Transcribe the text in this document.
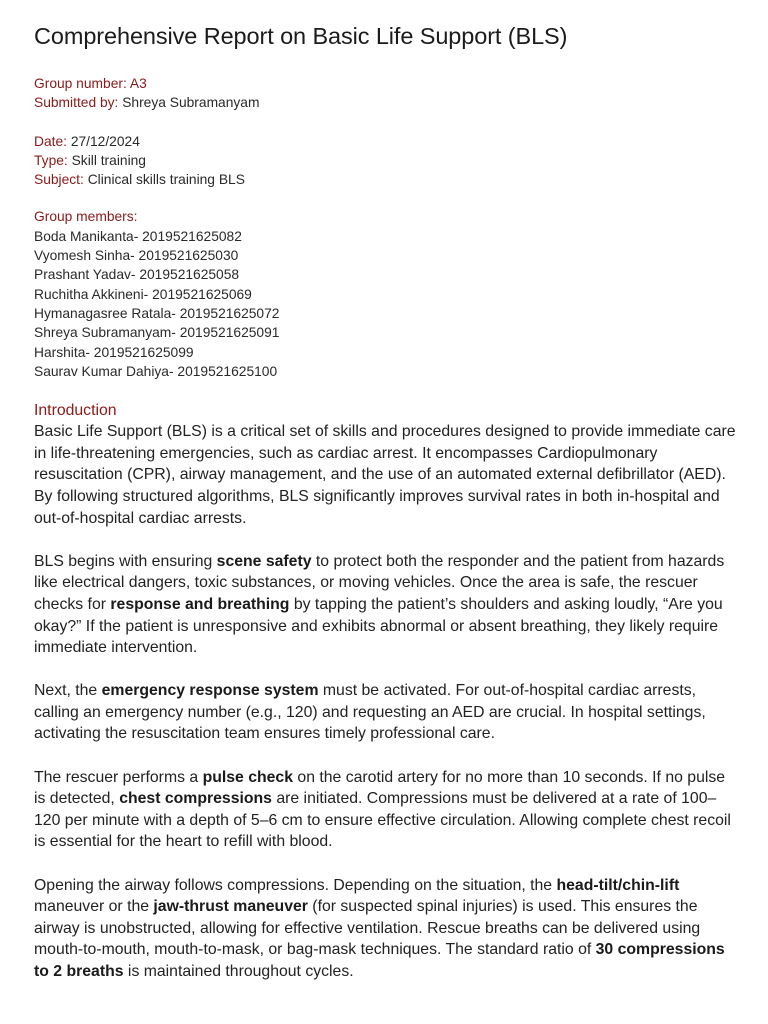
Comprehensive Report on Basic Life Support (BLS)
Group number: A3
Submitted by: Shreya Subramanyam
Date: 27/12/2024
Type: Skill training
Subject: Clinical skills training BLS
Group members:
Boda Manikanta- 2019521625082
Vyomesh Sinha- 2019521625030
Prashant Yadav- 2019521625058
Ruchitha Akkineni- 2019521625069
Hymanagasree Ratala- 2019521625072
Shreya Subramanyam- 2019521625091
Harshita- 2019521625099
Saurav Kumar Dahiya- 2019521625100
Introduction

Basic Life Support (BLS) is a critical set of skills and procedures designed to provide immediate care in life-threatening emergencies, such as cardiac arrest. It encompasses Cardiopulmonary resuscitation (CPR), airway management, and the use of an automated external defibrillator (AED). By following structured algorithms, BLS significantly improves survival rates in both in-hospital and out-of-hospital cardiac arrests.

BLS begins with ensuring scene safety to protect both the responder and the patient from hazards like electrical dangers, toxic substances, or moving vehicles. Once the area is safe, the rescuer checks for response and breathing by tapping the patient’s shoulders and asking loudly, “Are you okay?” If the patient is unresponsive and exhibits abnormal or absent breathing, they likely require immediate intervention.

Next, the emergency response system must be activated. For out-of-hospital cardiac arrests, calling an emergency number (e.g., 120) and requesting an AED are crucial. In hospital settings, activating the resuscitation team ensures timely professional care.

The rescuer performs a pulse check on the carotid artery for no more than 10 seconds. If no pulse is detected, chest compressions are initiated. Compressions must be delivered at a rate of 100–120 per minute with a depth of 5–6 cm to ensure effective circulation. Allowing complete chest recoil is essential for the heart to refill with blood.

Opening the airway follows compressions. Depending on the situation, the head-tilt/chin-lift maneuver or the jaw-thrust maneuver (for suspected spinal injuries) is used. This ensures the airway is unobstructed, allowing for effective ventilation. Rescue breaths can be delivered using mouth-to-mouth, mouth-to-mask, or bag-mask techniques. The standard ratio of 30 compressions to 2 breaths is maintained throughout cycles.
